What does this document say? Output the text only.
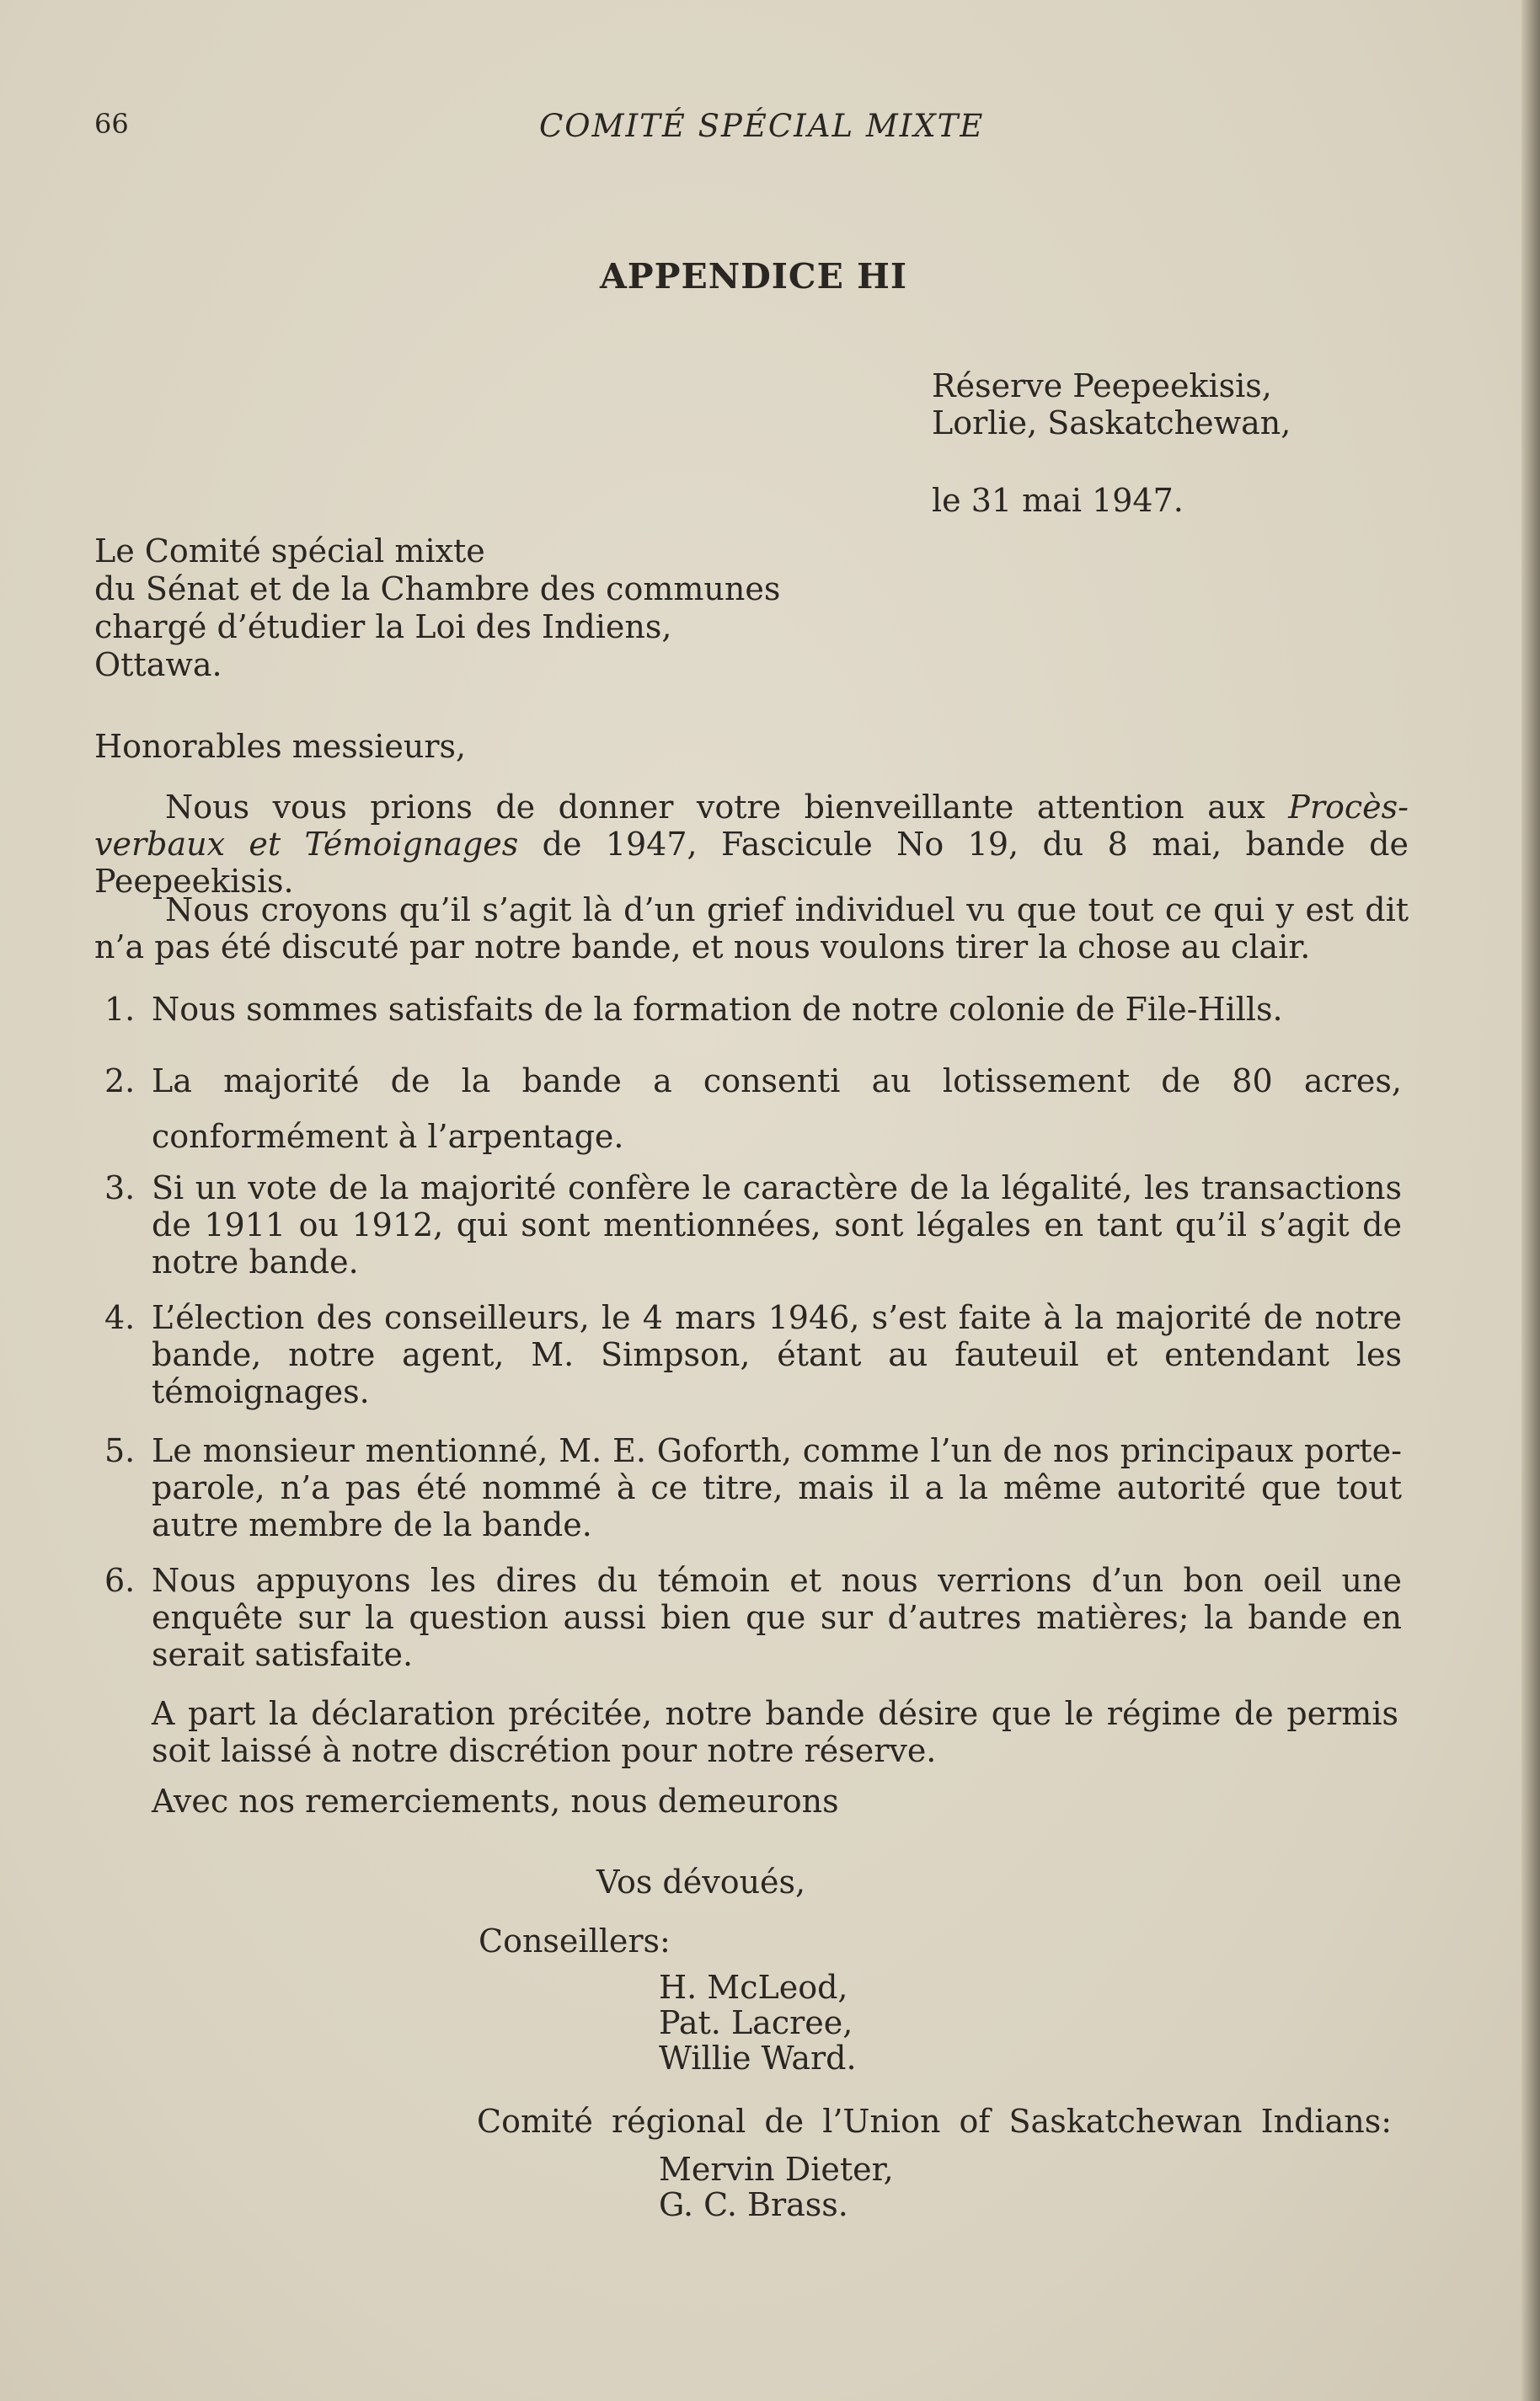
66	COMITÉ SPÉCIAL MIXTE

APPENDICE HI

Réserve Peepeekisis,

Lorlie, Saskatchewan,

le 31 mai 1947.

Le Comité spécial mixte
du Sénat et de la Chambre des communes
chargé d’étudier la Loi des Indiens,
Ottawa.

Honorables messieurs,

Nous vous prions de donner votre bienveillante attention aux Procès-verbaux et Témoignages de 1947, Fascicule No 19, du 8 mai, bande de Peepeekisis.

Nous croyons qu’il s’agit là d’un grief individuel vu que tout ce qui y est dit n’a pas été discuté par notre bande, et nous voulons tirer la chose au clair.

1. Nous sommes satisfaits de la formation de notre colonie de File-Hills.
2. La majorité de la bande a consenti au lotissement de 80 acres, conformément à l’arpentage.
3. Si un vote de la majorité confère le caractère de la légalité, les transactions de 1911 ou 1912, qui sont mentionnées, sont légales en tant qu’il s’agit de notre bande.
4. L’élection des conseilleurs, le 4 mars 1946, s’est faite à la majorité de notre bande, notre agent, M. Simpson, étant au fauteuil et entendant les témoignages.
5. Le monsieur mentionné, M. E. Goforth, comme l’un de nos principaux porte-parole, n’a pas été nommé à ce titre, mais il a la même autorité que tout autre membre de la bande.
6. Nous appuyons les dires du témoin et nous verrions d’un bon oeil une enquête sur la question aussi bien que sur d’autres matières; la bande en serait satisfaite.

A part la déclaration précitée, notre bande désire que le régime de permis soit laissé à notre discrétion pour notre réserve.

Avec nos remerciements, nous demeurons

Vos dévoués,

Conseillers:

H. McLeod,
Pat. Lacree,
Willie Ward.

Comité régional de l’Union of Saskatchewan Indians:

Mervin Dieter,
G. C. Brass.
